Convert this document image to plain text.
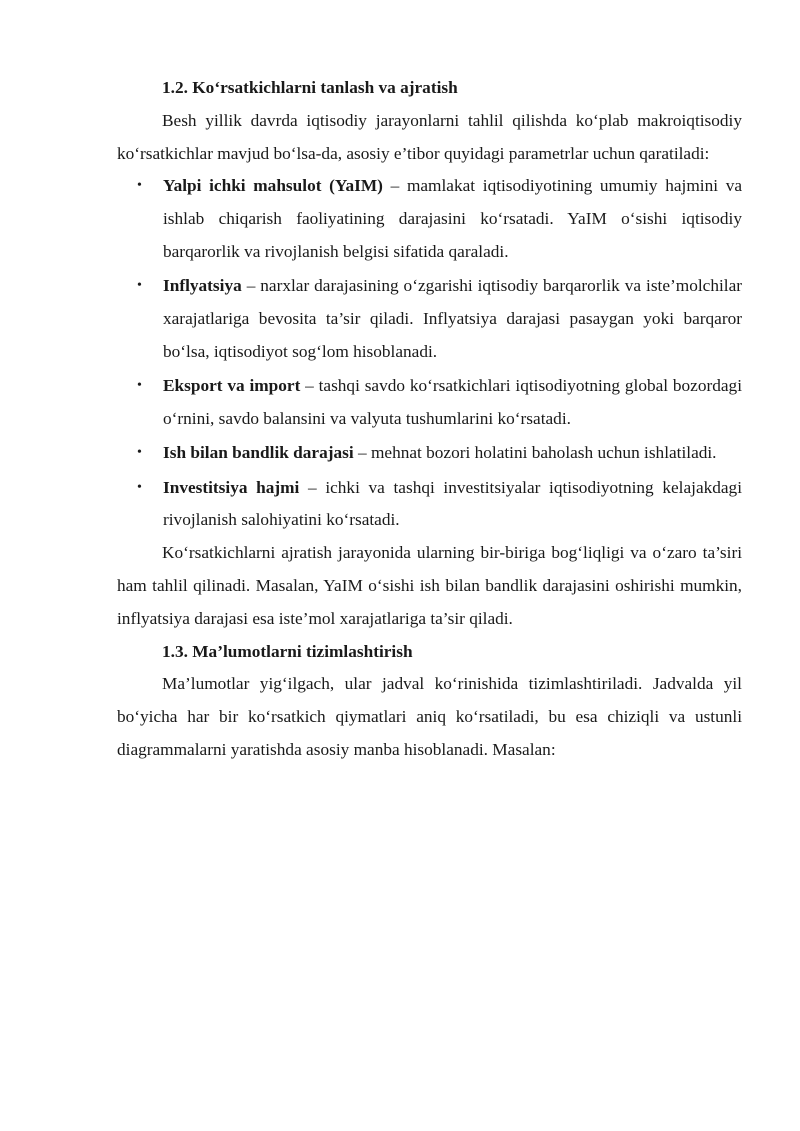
1.2. Ko‘rsatkichlarni tanlash va ajratish

Besh yillik davrda iqtisodiy jarayonlarni tahlil qilishda ko‘plab makroiqtisodiy ko‘rsatkichlar mavjud bo‘lsa-da, asosiy e’tibor quyidagi parametrlar uchun qaratiladi:

• Yalpi ichki mahsulot (YaIM) – mamlakat iqtisodiyotining umumiy hajmini va ishlab chiqarish faoliyatining darajasini ko‘rsatadi. YaIM o‘sishi iqtisodiy barqarorlik va rivojlanish belgisi sifatida qaraladi.
• Inflyatsiya – narxlar darajasining o‘zgarishi iqtisodiy barqarorlik va iste’molchilar xarajatlariga bevosita ta’sir qiladi. Inflyatsiya darajasi pasaygan yoki barqaror bo‘lsa, iqtisodiyot sog‘lom hisoblanadi.
• Eksport va import – tashqi savdo ko‘rsatkichlari iqtisodiyotning global bozordagi o‘rnini, savdo balansini va valyuta tushumlarini ko‘rsatadi.
• Ish bilan bandlik darajasi – mehnat bozori holatini baholash uchun ishlatiladi.
• Investitsiya hajmi – ichki va tashqi investitsiyalar iqtisodiyotning kelajakdagi rivojlanish salohiyatini ko‘rsatadi.

Ko‘rsatkichlarni ajratish jarayonida ularning bir-biriga bog‘liqligi va o‘zaro ta’siri ham tahlil qilinadi. Masalan, YaIM o‘sishi ish bilan bandlik darajasini oshirishi mumkin, inflyatsiya darajasi esa iste’mol xarajatlariga ta’sir qiladi.

1.3. Ma’lumotlarni tizimlashtirish

Ma’lumotlar yig‘ilgach, ular jadval ko‘rinishida tizimlashtiriladi. Jadvalda yil bo‘yicha har bir ko‘rsatkich qiymatlari aniq ko‘rsatiladi, bu esa chiziqli va ustunli diagrammalarni yaratishda asosiy manba hisoblanadi. Masalan:
